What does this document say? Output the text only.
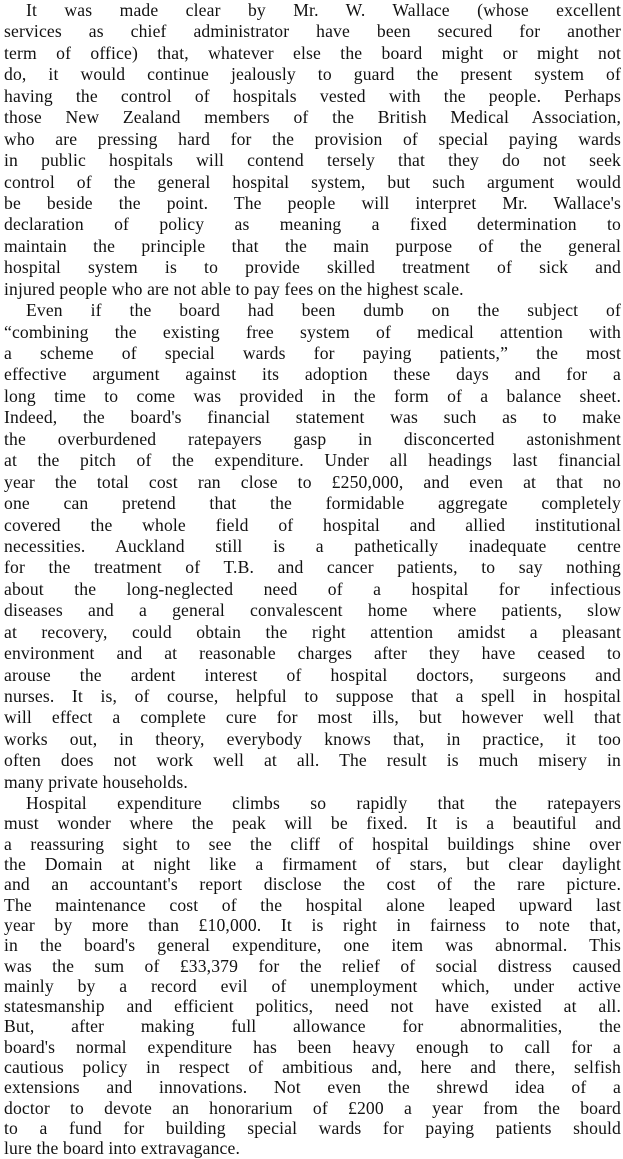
It was made clear by Mr. W. Wallace (whose excellent
services as chief administrator have been secured for another
term of office) that, whatever else the board might or might not
do, it would continue jealously to guard the present system of
having the control of hospitals vested with the people. Perhaps
those New Zealand members of the British Medical Association,
who are pressing hard for the provision of special paying wards
in public hospitals will contend tersely that they do not seek
control of the general hospital system, but such argument would
be beside the point. The people will interpret Mr. Wallace's
declaration of policy as meaning a fixed determination to
maintain the principle that the main purpose of the general
hospital system is to provide skilled treatment of sick and
injured people who are not able to pay fees on the highest scale.
Even if the board had been dumb on the subject of
“combining the existing free system of medical attention with
a scheme of special wards for paying patients,” the most
effective argument against its adoption these days and for a
long time to come was provided in the form of a balance sheet.
Indeed, the board's financial statement was such as to make
the overburdened ratepayers gasp in disconcerted astonishment
at the pitch of the expenditure. Under all headings last financial
year the total cost ran close to £250,000, and even at that no
one can pretend that the formidable aggregate completely
covered the whole field of hospital and allied institutional
necessities. Auckland still is a pathetically inadequate centre
for the treatment of T.B. and cancer patients, to say nothing
about the long-neglected need of a hospital for infectious
diseases and a general convalescent home where patients, slow
at recovery, could obtain the right attention amidst a pleasant
environment and at reasonable charges after they have ceased to
arouse the ardent interest of hospital doctors, surgeons and
nurses. It is, of course, helpful to suppose that a spell in hospital
will effect a complete cure for most ills, but however well that
works out, in theory, everybody knows that, in practice, it too
often does not work well at all. The result is much misery in
many private households.
Hospital expenditure climbs so rapidly that the ratepayers
must wonder where the peak will be fixed. It is a beautiful and
a reassuring sight to see the cliff of hospital buildings shine over
the Domain at night like a firmament of stars, but clear daylight
and an accountant's report disclose the cost of the rare picture.
The maintenance cost of the hospital alone leaped upward last
year by more than £10,000. It is right in fairness to note that,
in the board's general expenditure, one item was abnormal. This
was the sum of £33,379 for the relief of social distress caused
mainly by a record evil of unemployment which, under active
statesmanship and efficient politics, need not have existed at all.
But, after making full allowance for abnormalities, the
board's normal expenditure has been heavy enough to call for a
cautious policy in respect of ambitious and, here and there, selfish
extensions and innovations. Not even the shrewd idea of a
doctor to devote an honorarium of £200 a year from the board
to a fund for building special wards for paying patients should
lure the board into extravagance.
